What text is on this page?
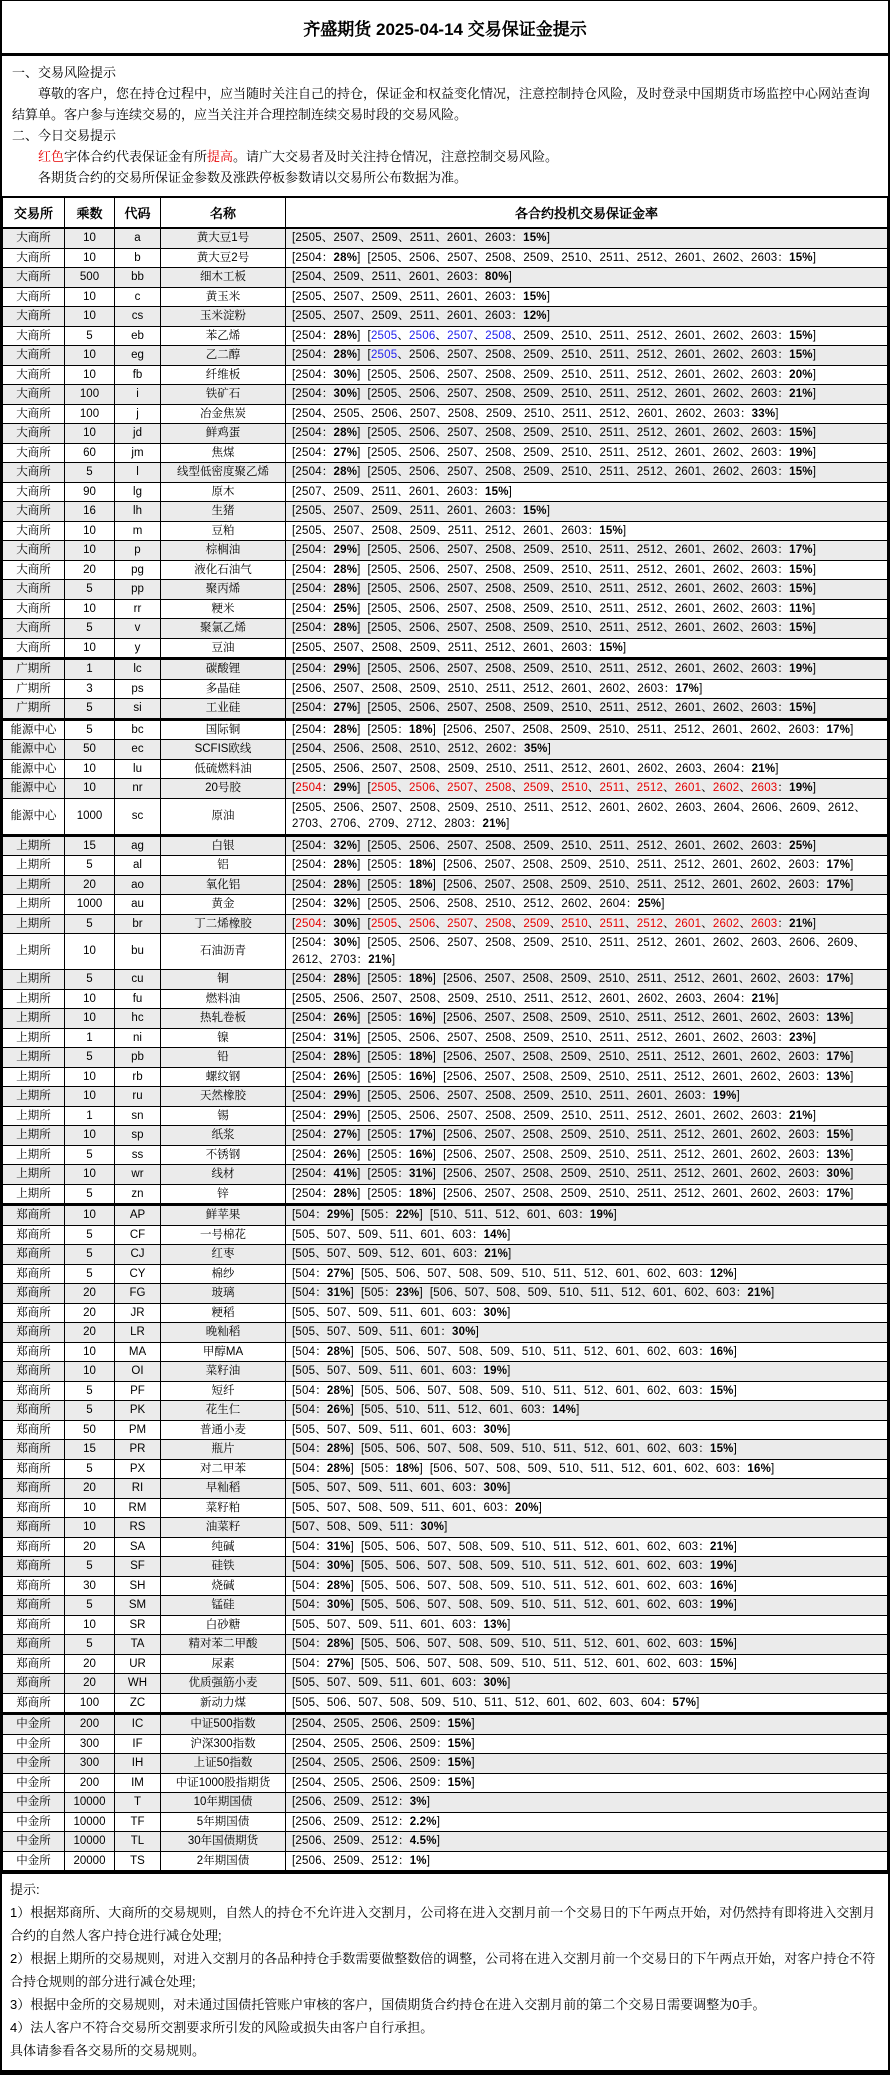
齐盛期货 2025-04-14 交易保证金提示
一、交易风险提示
尊敬的客户，您在持仓过程中，应当随时关注自己的持仓，保证金和权益变化情况，注意控制持仓风险，及时登录中国期货市场监控中心网站查询结算单。客户参与连续交易的，应当关注并合理控制连续交易时段的交易风险。
二、今日交易提示
红色字体合约代表保证金有所提高。请广大交易者及时关注持仓情况，注意控制交易风险。
各期货合约的交易所保证金参数及涨跌停板参数请以交易所公布数据为准。
交易所	乘数	代码	名称	各合约投机交易保证金率
大商所	10	a	黄大豆1号	[2505、2507、2509、2511、2601、2603：15%]
大商所	10	b	黄大豆2号	[2504：28%] [2505、2506、2507、2508、2509、2510、2511、2512、2601、2602、2603：15%]
大商所	500	bb	细木工板	[2504、2509、2511、2601、2603：80%]
大商所	10	c	黄玉米	[2505、2507、2509、2511、2601、2603：15%]
大商所	10	cs	玉米淀粉	[2505、2507、2509、2511、2601、2603：12%]
大商所	5	eb	苯乙烯	[2504：28%] [2505、2506、2507、2508、2509、2510、2511、2512、2601、2602、2603：15%]
大商所	10	eg	乙二醇	[2504：28%] [2505、2506、2507、2508、2509、2510、2511、2512、2601、2602、2603：15%]
大商所	10	fb	纤维板	[2504：30%] [2505、2506、2507、2508、2509、2510、2511、2512、2601、2602、2603：20%]
大商所	100	i	铁矿石	[2504：30%] [2505、2506、2507、2508、2509、2510、2511、2512、2601、2602、2603：21%]
大商所	100	j	冶金焦炭	[2504、2505、2506、2507、2508、2509、2510、2511、2512、2601、2602、2603：33%]
大商所	10	jd	鲜鸡蛋	[2504：28%] [2505、2506、2507、2508、2509、2510、2511、2512、2601、2602、2603：15%]
大商所	60	jm	焦煤	[2504：27%] [2505、2506、2507、2508、2509、2510、2511、2512、2601、2602、2603：19%]
大商所	5	l	线型低密度聚乙烯	[2504：28%] [2505、2506、2507、2508、2509、2510、2511、2512、2601、2602、2603：15%]
大商所	90	lg	原木	[2507、2509、2511、2601、2603：15%]
大商所	16	lh	生猪	[2505、2507、2509、2511、2601、2603：15%]
大商所	10	m	豆粕	[2505、2507、2508、2509、2511、2512、2601、2603：15%]
大商所	10	p	棕榈油	[2504：29%] [2505、2506、2507、2508、2509、2510、2511、2512、2601、2602、2603：17%]
大商所	20	pg	液化石油气	[2504：28%] [2505、2506、2507、2508、2509、2510、2511、2512、2601、2602、2603：15%]
大商所	5	pp	聚丙烯	[2504：28%] [2505、2506、2507、2508、2509、2510、2511、2512、2601、2602、2603：15%]
大商所	10	rr	粳米	[2504：25%] [2505、2506、2507、2508、2509、2510、2511、2512、2601、2602、2603：11%]
大商所	5	v	聚氯乙烯	[2504：28%] [2505、2506、2507、2508、2509、2510、2511、2512、2601、2602、2603：15%]
大商所	10	y	豆油	[2505、2507、2508、2509、2511、2512、2601、2603：15%]
广期所	1	lc	碳酸锂	[2504：29%] [2505、2506、2507、2508、2509、2510、2511、2512、2601、2602、2603：19%]
广期所	3	ps	多晶硅	[2506、2507、2508、2509、2510、2511、2512、2601、2602、2603：17%]
广期所	5	si	工业硅	[2504：27%] [2505、2506、2507、2508、2509、2510、2511、2512、2601、2602、2603：15%]
能源中心	5	bc	国际铜	[2504：28%] [2505：18%] [2506、2507、2508、2509、2510、2511、2512、2601、2602、2603：17%]
能源中心	50	ec	SCFIS欧线	[2504、2506、2508、2510、2512、2602：35%]
能源中心	10	lu	低硫燃料油	[2505、2506、2507、2508、2509、2510、2511、2512、2601、2602、2603、2604：21%]
能源中心	10	nr	20号胶	[2504：29%] [2505、2506、2507、2508、2509、2510、2511、2512、2601、2602、2603：19%]
能源中心	1000	sc	原油	[2505、2506、2507、2508、2509、2510、2511、2512、2601、2602、2603、2604、2606、2609、2612、2703、2706、2709、2712、2803：21%]
上期所	15	ag	白银	[2504：32%] [2505、2506、2507、2508、2509、2510、2511、2512、2601、2602、2603：25%]
上期所	5	al	铝	[2504：28%] [2505：18%] [2506、2507、2508、2509、2510、2511、2512、2601、2602、2603：17%]
上期所	20	ao	氧化铝	[2504：28%] [2505：18%] [2506、2507、2508、2509、2510、2511、2512、2601、2602、2603：17%]
上期所	1000	au	黄金	[2504：32%] [2505、2506、2508、2510、2512、2602、2604：25%]
上期所	5	br	丁二烯橡胶	[2504：30%] [2505、2506、2507、2508、2509、2510、2511、2512、2601、2602、2603：21%]
上期所	10	bu	石油沥青	[2504：30%] [2505、2506、2507、2508、2509、2510、2511、2512、2601、2602、2603、2606、2609、2612、2703：21%]
上期所	5	cu	铜	[2504：28%] [2505：18%] [2506、2507、2508、2509、2510、2511、2512、2601、2602、2603：17%]
上期所	10	fu	燃料油	[2505、2506、2507、2508、2509、2510、2511、2512、2601、2602、2603、2604：21%]
上期所	10	hc	热轧卷板	[2504：26%] [2505：16%] [2506、2507、2508、2509、2510、2511、2512、2601、2602、2603：13%]
上期所	1	ni	镍	[2504：31%] [2505、2506、2507、2508、2509、2510、2511、2512、2601、2602、2603：23%]
上期所	5	pb	铅	[2504：28%] [2505：18%] [2506、2507、2508、2509、2510、2511、2512、2601、2602、2603：17%]
上期所	10	rb	螺纹钢	[2504：26%] [2505：16%] [2506、2507、2508、2509、2510、2511、2512、2601、2602、2603：13%]
上期所	10	ru	天然橡胶	[2504：29%] [2505、2506、2507、2508、2509、2510、2511、2601、2603：19%]
上期所	1	sn	锡	[2504：29%] [2505、2506、2507、2508、2509、2510、2511、2512、2601、2602、2603：21%]
上期所	10	sp	纸浆	[2504：27%] [2505：17%] [2506、2507、2508、2509、2510、2511、2512、2601、2602、2603：15%]
上期所	5	ss	不锈钢	[2504：26%] [2505：16%] [2506、2507、2508、2509、2510、2511、2512、2601、2602、2603：13%]
上期所	10	wr	线材	[2504：41%] [2505：31%] [2506、2507、2508、2509、2510、2511、2512、2601、2602、2603：30%]
上期所	5	zn	锌	[2504：28%] [2505：18%] [2506、2507、2508、2509、2510、2511、2512、2601、2602、2603：17%]
郑商所	10	AP	鲜苹果	[504：29%] [505：22%] [510、511、512、601、603：19%]
郑商所	5	CF	一号棉花	[505、507、509、511、601、603：14%]
郑商所	5	CJ	红枣	[505、507、509、512、601、603：21%]
郑商所	5	CY	棉纱	[504：27%] [505、506、507、508、509、510、511、512、601、602、603：12%]
郑商所	20	FG	玻璃	[504：31%] [505：23%] [506、507、508、509、510、511、512、601、602、603：21%]
郑商所	20	JR	粳稻	[505、507、509、511、601、603：30%]
郑商所	20	LR	晚籼稻	[505、507、509、511、601：30%]
郑商所	10	MA	甲醇MA	[504：28%] [505、506、507、508、509、510、511、512、601、602、603：16%]
郑商所	10	OI	菜籽油	[505、507、509、511、601、603：19%]
郑商所	5	PF	短纤	[504：28%] [505、506、507、508、509、510、511、512、601、602、603：15%]
郑商所	5	PK	花生仁	[504：26%] [505、510、511、512、601、603：14%]
郑商所	50	PM	普通小麦	[505、507、509、511、601、603：30%]
郑商所	15	PR	瓶片	[504：28%] [505、506、507、508、509、510、511、512、601、602、603：15%]
郑商所	5	PX	对二甲苯	[504：28%] [505：18%] [506、507、508、509、510、511、512、601、602、603：16%]
郑商所	20	RI	早籼稻	[505、507、509、511、601、603：30%]
郑商所	10	RM	菜籽粕	[505、507、508、509、511、601、603：20%]
郑商所	10	RS	油菜籽	[507、508、509、511：30%]
郑商所	20	SA	纯碱	[504：31%] [505、506、507、508、509、510、511、512、601、602、603：21%]
郑商所	5	SF	硅铁	[504：30%] [505、506、507、508、509、510、511、512、601、602、603：19%]
郑商所	30	SH	烧碱	[504：28%] [505、506、507、508、509、510、511、512、601、602、603：16%]
郑商所	5	SM	锰硅	[504：30%] [505、506、507、508、509、510、511、512、601、602、603：19%]
郑商所	10	SR	白砂糖	[505、507、509、511、601、603：13%]
郑商所	5	TA	精对苯二甲酸	[504：28%] [505、506、507、508、509、510、511、512、601、602、603：15%]
郑商所	20	UR	尿素	[504：27%] [505、506、507、508、509、510、511、512、601、602、603：15%]
郑商所	20	WH	优质强筋小麦	[505、507、509、511、601、603：30%]
郑商所	100	ZC	新动力煤	[505、506、507、508、509、510、511、512、601、602、603、604：57%]
中金所	200	IC	中证500指数	[2504、2505、2506、2509：15%]
中金所	300	IF	沪深300指数	[2504、2505、2506、2509：15%]
中金所	300	IH	上证50指数	[2504、2505、2506、2509：15%]
中金所	200	IM	中证1000股指期货	[2504、2505、2506、2509：15%]
中金所	10000	T	10年期国债	[2506、2509、2512：3%]
中金所	10000	TF	5年期国债	[2506、2509、2512：2.2%]
中金所	10000	TL	30年国债期货	[2506、2509、2512：4.5%]
中金所	20000	TS	2年期国债	[2506、2509、2512：1%]
提示:
1）根据郑商所、大商所的交易规则，自然人的持仓不允许进入交割月，公司将在进入交割月前一个交易日的下午两点开始，对仍然持有即将进入交割月合约的自然人客户持仓进行减仓处理;
2）根据上期所的交易规则，对进入交割月的各品种持仓手数需要做整数倍的调整，公司将在进入交割月前一个交易日的下午两点开始，对客户持仓不符合持仓规则的部分进行减仓处理;
3）根据中金所的交易规则，对未通过国债托管账户审核的客户，国债期货合约持仓在进入交割月前的第二个交易日需要调整为0手。
4）法人客户不符合交易所交割要求所引发的风险或损失由客户自行承担。
具体请参看各交易所的交易规则。
